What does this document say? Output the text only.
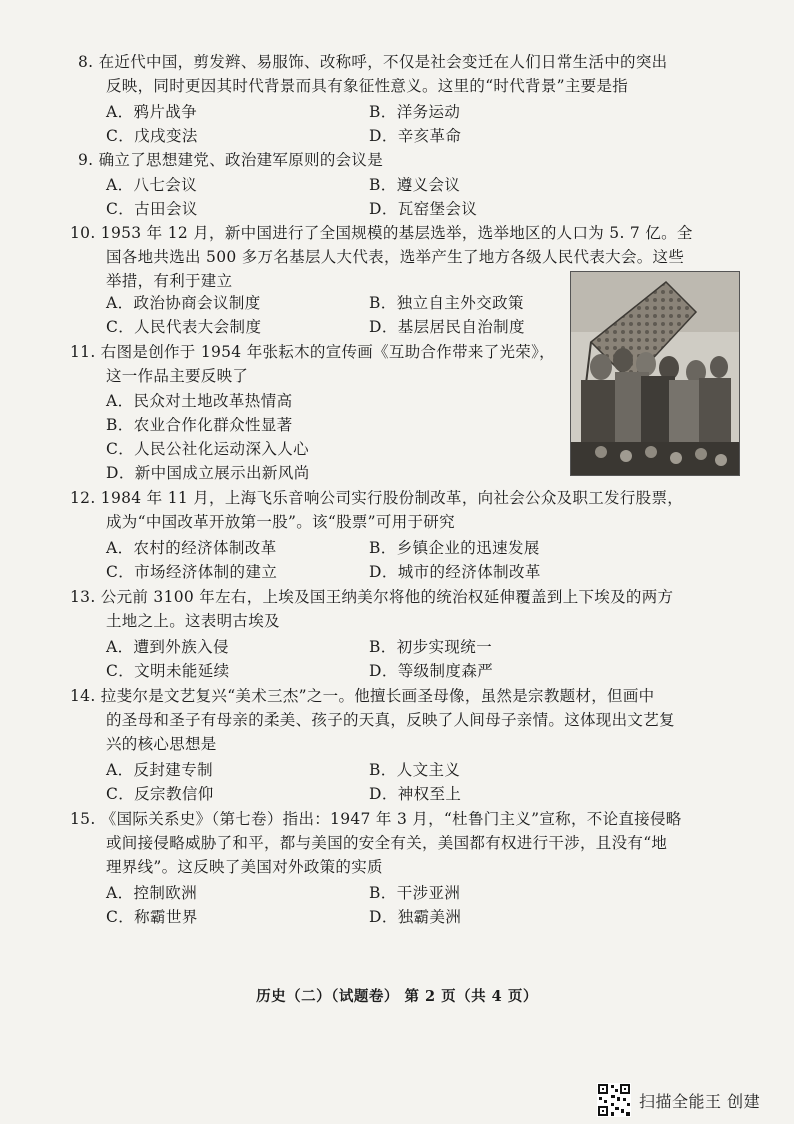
8. 在近代中国，剪发辫、易服饰、改称呼，不仅是社会变迁在人们日常生活中的突出
反映，同时更因其时代背景而具有象征性意义。这里的“时代背景”主要是指
A．鸦片战争	B．洋务运动
C．戊戌变法	D．辛亥革命
9. 确立了思想建党、政治建军原则的会议是
A．八七会议	B．遵义会议
C．古田会议	D．瓦窑堡会议
10. 1953 年 12 月，新中国进行了全国规模的基层选举，选举地区的人口为 5. 7 亿。全
国各地共选出 500 多万名基层人大代表，选举产生了地方各级人民代表大会。这些
举措，有利于建立
A．政治协商会议制度	B．独立自主外交政策
C．人民代表大会制度	D．基层居民自治制度
11. 右图是创作于 1954 年张耘木的宣传画《互助合作带来了光荣》，
这一作品主要反映了
A．民众对土地改革热情高
B．农业合作化群众性显著
C．人民公社化运动深入人心
D．新中国成立展示出新风尚
12. 1984 年 11 月，上海飞乐音响公司实行股份制改革，向社会公众及职工发行股票，
成为“中国改革开放第一股”。该“股票”可用于研究
A．农村的经济体制改革	B．乡镇企业的迅速发展
C．市场经济体制的建立	D．城市的经济体制改革
13. 公元前 3100 年左右，上埃及国王纳美尔将他的统治权延伸覆盖到上下埃及的两方
土地之上。这表明古埃及
A．遭到外族入侵	B．初步实现统一
C．文明未能延续	D．等级制度森严
14. 拉斐尔是文艺复兴“美术三杰”之一。他擅长画圣母像，虽然是宗教题材，但画中
的圣母和圣子有母亲的柔美、孩子的天真，反映了人间母子亲情。这体现出文艺复
兴的核心思想是
A．反封建专制	B．人文主义
C．反宗教信仰	D．神权至上
15. 《国际关系史》（第七卷）指出：1947 年 3 月，“杜鲁门主义”宣称，不论直接侵略
或间接侵略威胁了和平，都与美国的安全有关，美国都有权进行干涉，且没有“地
理界线”。这反映了美国对外政策的实质
A．控制欧洲	B．干涉亚洲
C．称霸世界	D．独霸美洲
历史（二）（试题卷） 第 2 页（共 4 页）
扫描全能王 创建
